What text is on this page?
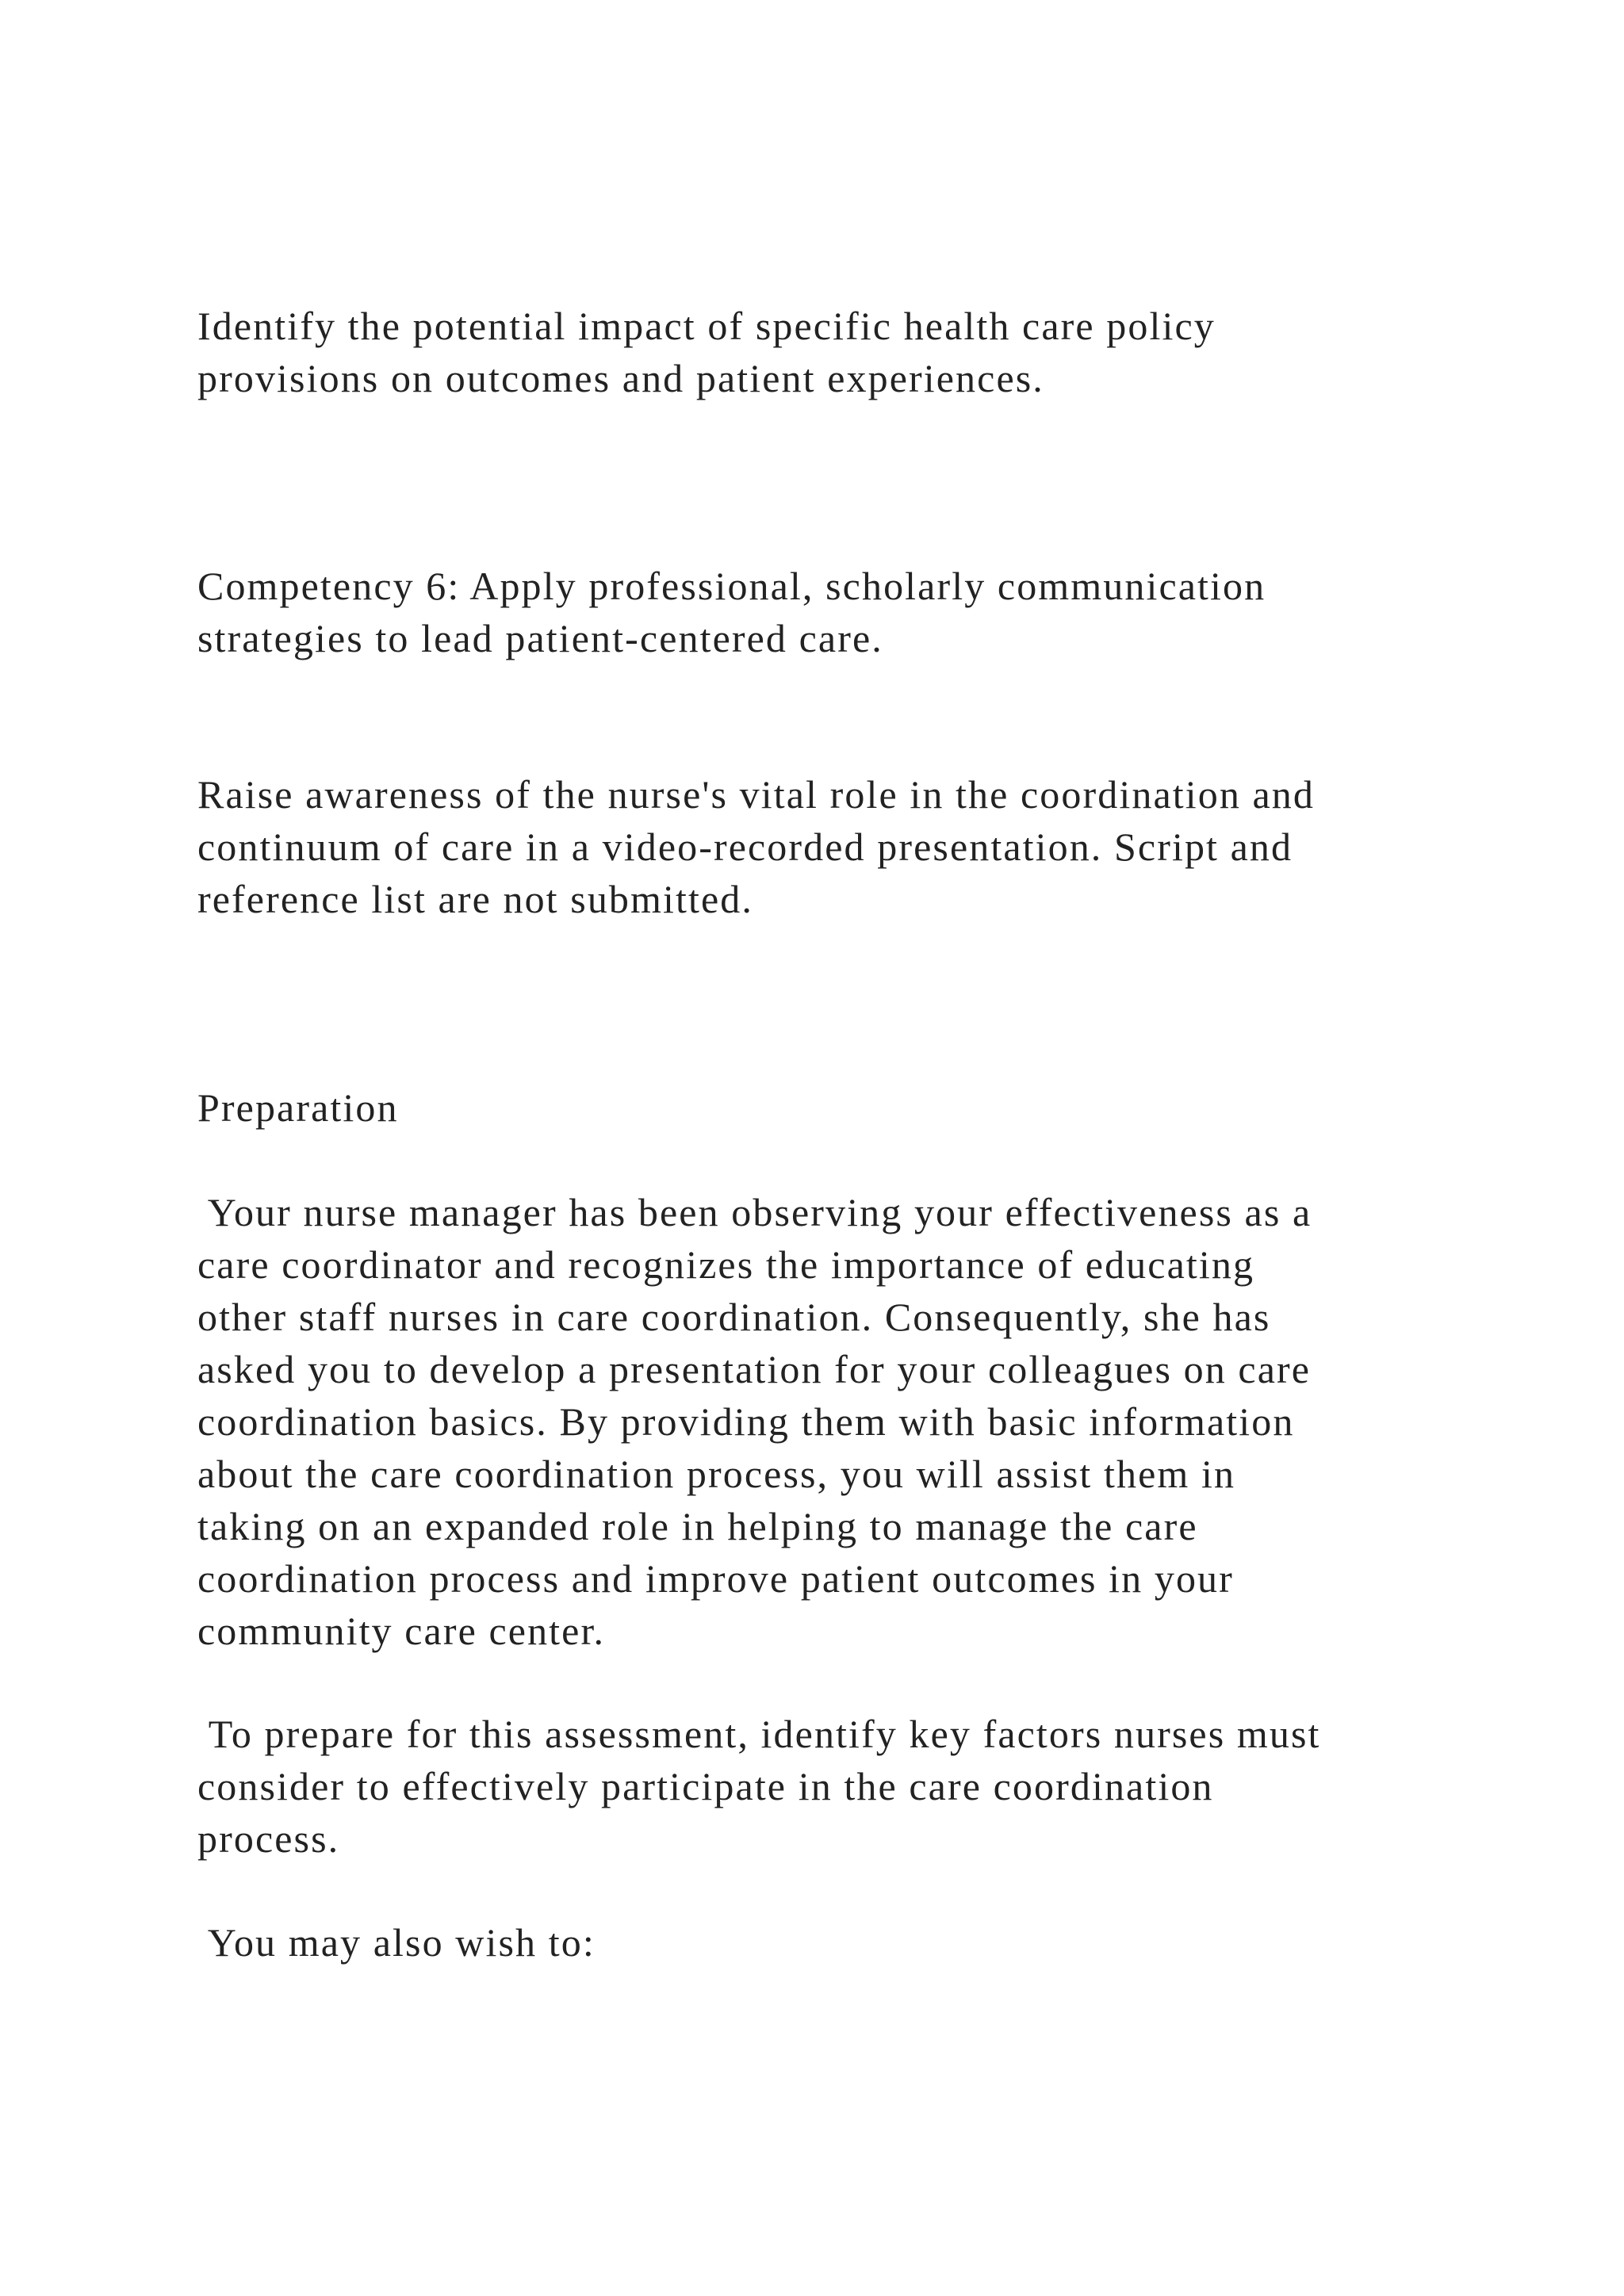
Identify the potential impact of specific health care policy

provisions on outcomes and patient experiences.

Competency 6: Apply professional, scholarly communication

strategies to lead patient-centered care.

Raise awareness of the nurse's vital role in the coordination and

continuum of care in a video-recorded presentation. Script and

reference list are not submitted.

Preparation

Your nurse manager has been observing your effectiveness as a

care coordinator and recognizes the importance of educating

other staff nurses in care coordination. Consequently, she has

asked you to develop a presentation for your colleagues on care

coordination basics. By providing them with basic information

about the care coordination process, you will assist them in

taking on an expanded role in helping to manage the care

coordination process and improve patient outcomes in your

community care center.

To prepare for this assessment, identify key factors nurses must

consider to effectively participate in the care coordination

process.

You may also wish to:
